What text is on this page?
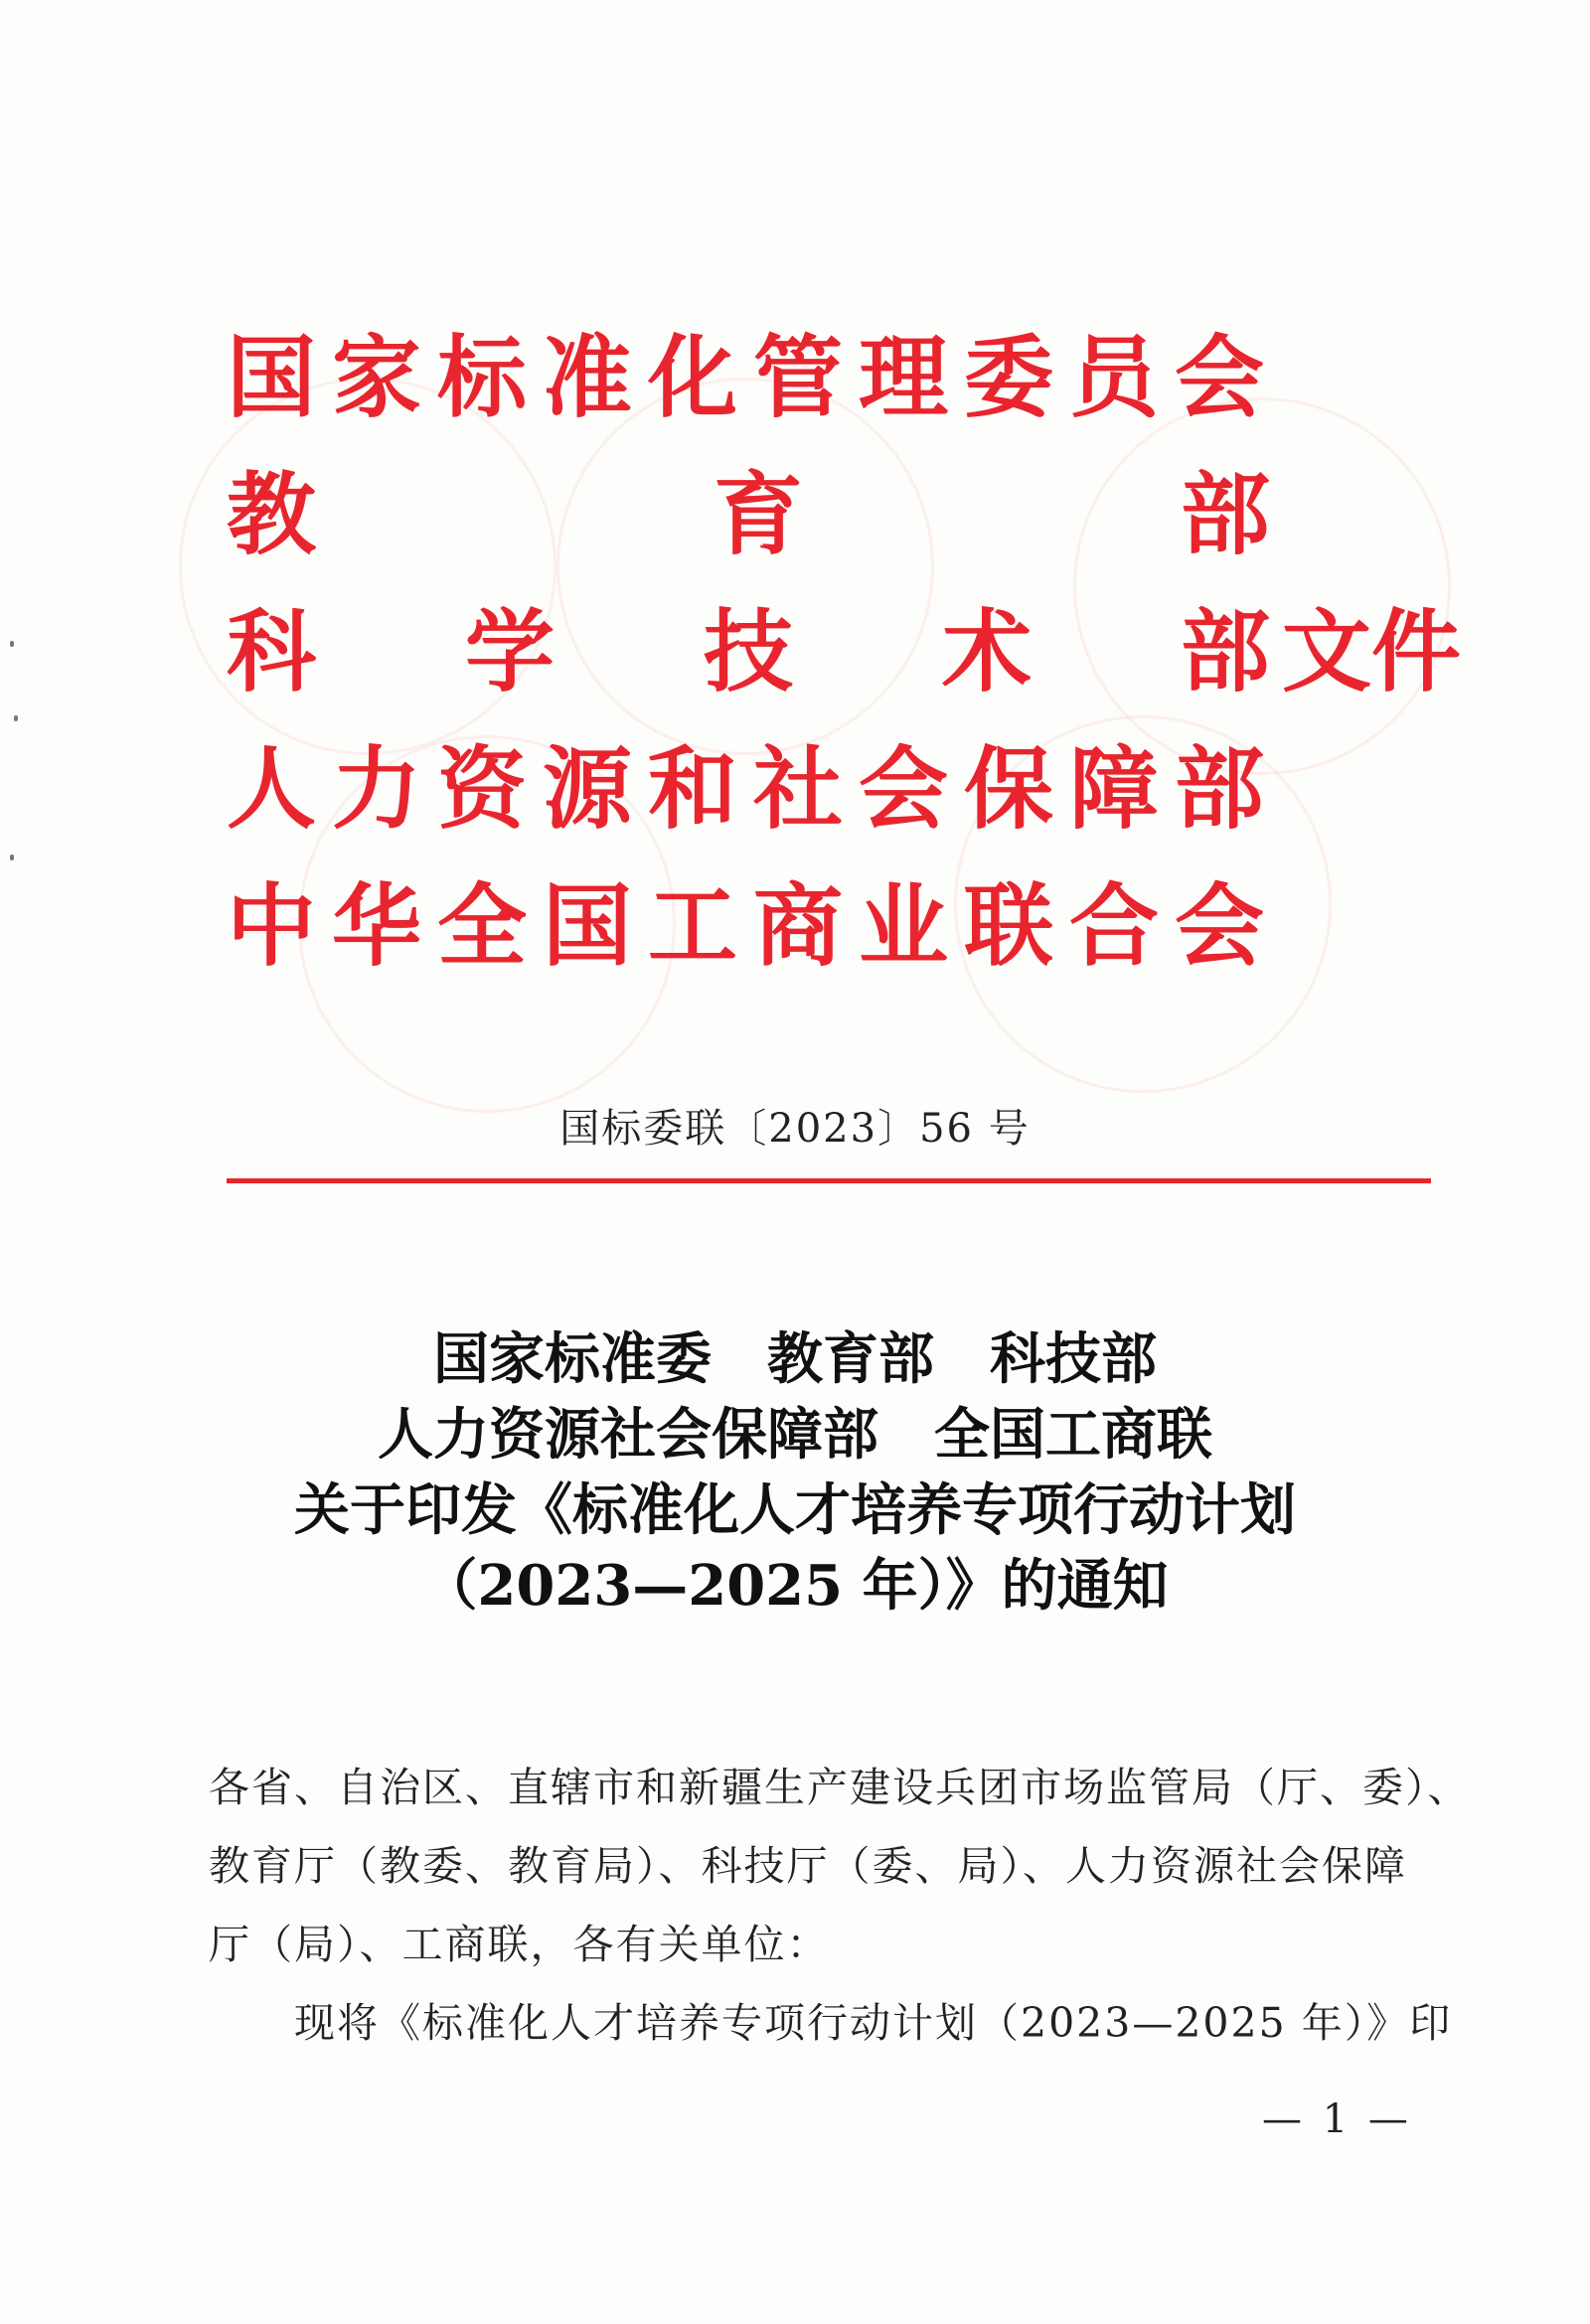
国家标准化管理委员会
教	育	部
科 学 技 术 部 文件
人力资源和社会保障部
中华全国工商业联合会
国标委联〔2023〕56 号
国家标准委　教育部　科技部
人力资源社会保障部　全国工商联
关于印发《标准化人才培养专项行动计划
（2023—2025 年）》的通知
各省、自治区、直辖市和新疆生产建设兵团市场监管局（厅、委）、
教育厅（教委、教育局）、科技厅（委、局）、人力资源社会保障
厅（局）、工商联，各有关单位：
现将《标准化人才培养专项行动计划（2023—2025 年）》印
— 1 —
